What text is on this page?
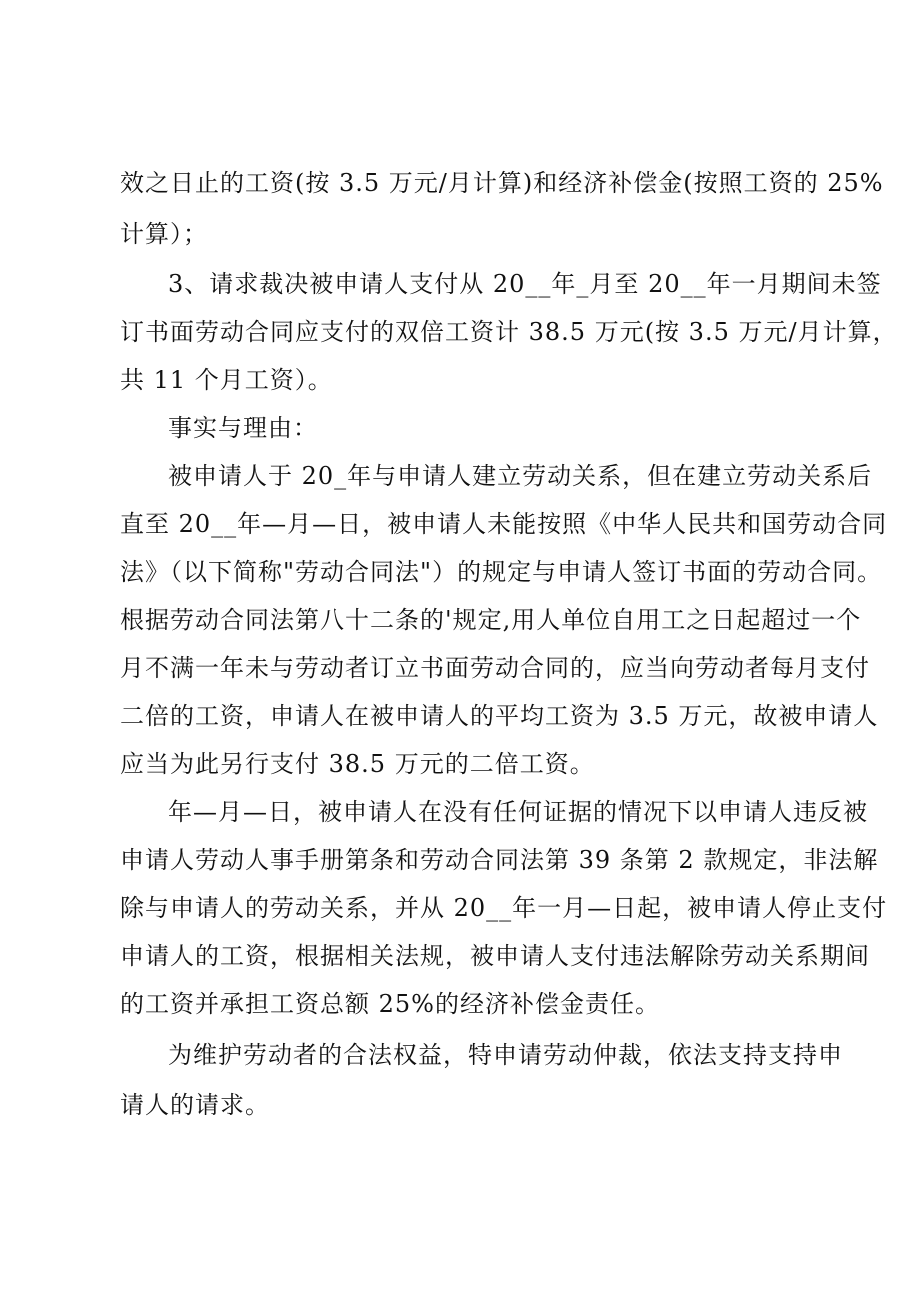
效之日止的工资(按 3.5 万元/月计算)和经济补偿金(按照工资的 25%
计算）；
3、请求裁决被申请人支付从 20__年_月至 20__年一月期间未签
订书面劳动合同应支付的双倍工资计 38.5 万元(按 3.5 万元/月计算，
共 11 个月工资）。
事实与理由：
被申请人于 20_年与申请人建立劳动关系，但在建立劳动关系后
直至 20__年—月—日，被申请人未能按照《中华人民共和国劳动合同
法》（以下简称"劳动合同法"）的规定与申请人签订书面的劳动合同。
根据劳动合同法第八十二条的'规定,用人单位自用工之日起超过一个
月不满一年未与劳动者订立书面劳动合同的，应当向劳动者每月支付
二倍的工资，申请人在被申请人的平均工资为 3.5 万元，故被申请人
应当为此另行支付 38.5 万元的二倍工资。
年—月—日，被申请人在没有任何证据的情况下以申请人违反被
申请人劳动人事手册第条和劳动合同法第 39 条第 2 款规定，非法解
除与申请人的劳动关系，并从 20__年一月—日起，被申请人停止支付
申请人的工资，根据相关法规，被申请人支付违法解除劳动关系期间
的工资并承担工资总额 25%的经济补偿金责任。
为维护劳动者的合法权益，特申请劳动仲裁，依法支持支持申
请人的请求。
